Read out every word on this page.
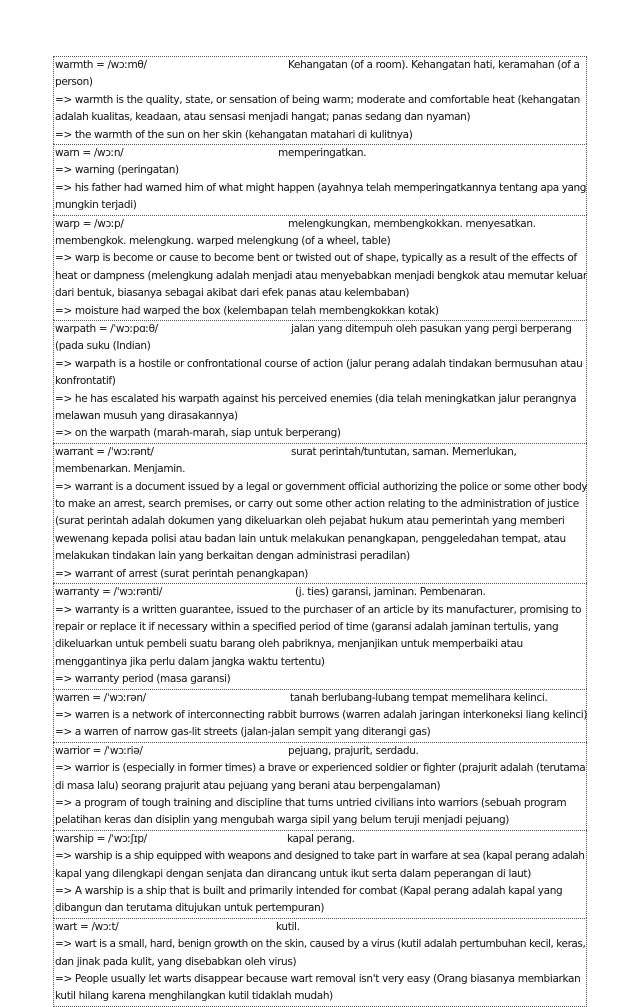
warmth = /wɔːmθ/	Kehangatan (of a room). Kehangatan hati, keramahan (of a
person)
=> warmth is the quality, state, or sensation of being warm; moderate and comfortable heat (kehangatan
adalah kualitas, keadaan, atau sensasi menjadi hangat; panas sedang dan nyaman)
=> the warmth of the sun on her skin (kehangatan matahari di kulitnya)
warn = /wɔːn/	memperingatkan.
=> warning (peringatan)
=> his father had warned him of what might happen (ayahnya telah memperingatkannya tentang apa yang
mungkin terjadi)
warp = /wɔːp/	melengkungkan, membengkokkan. menyesatkan.
membengkok. melengkung. warped melengkung (of a wheel, table)
=> warp is become or cause to become bent or twisted out of shape, typically as a result of the effects of
heat or dampness (melengkung adalah menjadi atau menyebabkan menjadi bengkok atau memutar keluar
dari bentuk, biasanya sebagai akibat dari efek panas atau kelembaban)
=> moisture had warped the box (kelembapan telah membengkokkan kotak)
warpath = /ˈwɔːpɑːθ/	jalan yang ditempuh oleh pasukan yang pergi berperang
(pada suku (Indian)
=> warpath is a hostile or confrontational course of action (jalur perang adalah tindakan bermusuhan atau
konfrontatif)
=> he has escalated his warpath against his perceived enemies (dia telah meningkatkan jalur perangnya
melawan musuh yang dirasakannya)
=> on the warpath (marah-marah, siap untuk berperang)
warrant = /ˈwɔːrənt/	surat perintah/tuntutan, saman. Memerlukan,
membenarkan. Menjamin.
=> warrant is a document issued by a legal or government official authorizing the police or some other body
to make an arrest, search premises, or carry out some other action relating to the administration of justice
(surat perintah adalah dokumen yang dikeluarkan oleh pejabat hukum atau pemerintah yang memberi
wewenang kepada polisi atau badan lain untuk melakukan penangkapan, penggeledahan tempat, atau
melakukan tindakan lain yang berkaitan dengan administrasi peradilan)
=> warrant of arrest (surat perintah penangkapan)
warranty = /ˈwɔːrənti/	(j. ties) garansi, jaminan. Pembenaran.
=> warranty is a written guarantee, issued to the purchaser of an article by its manufacturer, promising to
repair or replace it if necessary within a specified period of time (garansi adalah jaminan tertulis, yang
dikeluarkan untuk pembeli suatu barang oleh pabriknya, menjanjikan untuk memperbaiki atau
menggantinya jika perlu dalam jangka waktu tertentu)
=> warranty period (masa garansi)
warren = /ˈwɔːrən/	tanah berlubang-lubang tempat memelihara kelinci.
=> warren is a network of interconnecting rabbit burrows (warren adalah jaringan interkoneksi liang kelinci)
=> a warren of narrow gas-lit streets (jalan-jalan sempit yang diterangi gas)
warrior = /ˈwɔːriə/	pejuang, prajurit, serdadu.
=> warrior is (especially in former times) a brave or experienced soldier or fighter (prajurit adalah (terutama
di masa lalu) seorang prajurit atau pejuang yang berani atau berpengalaman)
=> a program of tough training and discipline that turns untried civilians into warriors (sebuah program
pelatihan keras dan disiplin yang mengubah warga sipil yang belum teruji menjadi pejuang)
warship = /ˈwɔːʃɪp/	kapal perang.
=> warship is a ship equipped with weapons and designed to take part in warfare at sea (kapal perang adalah
kapal yang dilengkapi dengan senjata dan dirancang untuk ikut serta dalam peperangan di laut)
=> A warship is a ship that is built and primarily intended for combat (Kapal perang adalah kapal yang
dibangun dan terutama ditujukan untuk pertempuran)
wart = /wɔːt/	kutil.
=> wart is a small, hard, benign growth on the skin, caused by a virus (kutil adalah pertumbuhan kecil, keras,
dan jinak pada kulit, yang disebabkan oleh virus)
=> People usually let warts disappear because wart removal isn't very easy (Orang biasanya membiarkan
kutil hilang karena menghilangkan kutil tidaklah mudah)
